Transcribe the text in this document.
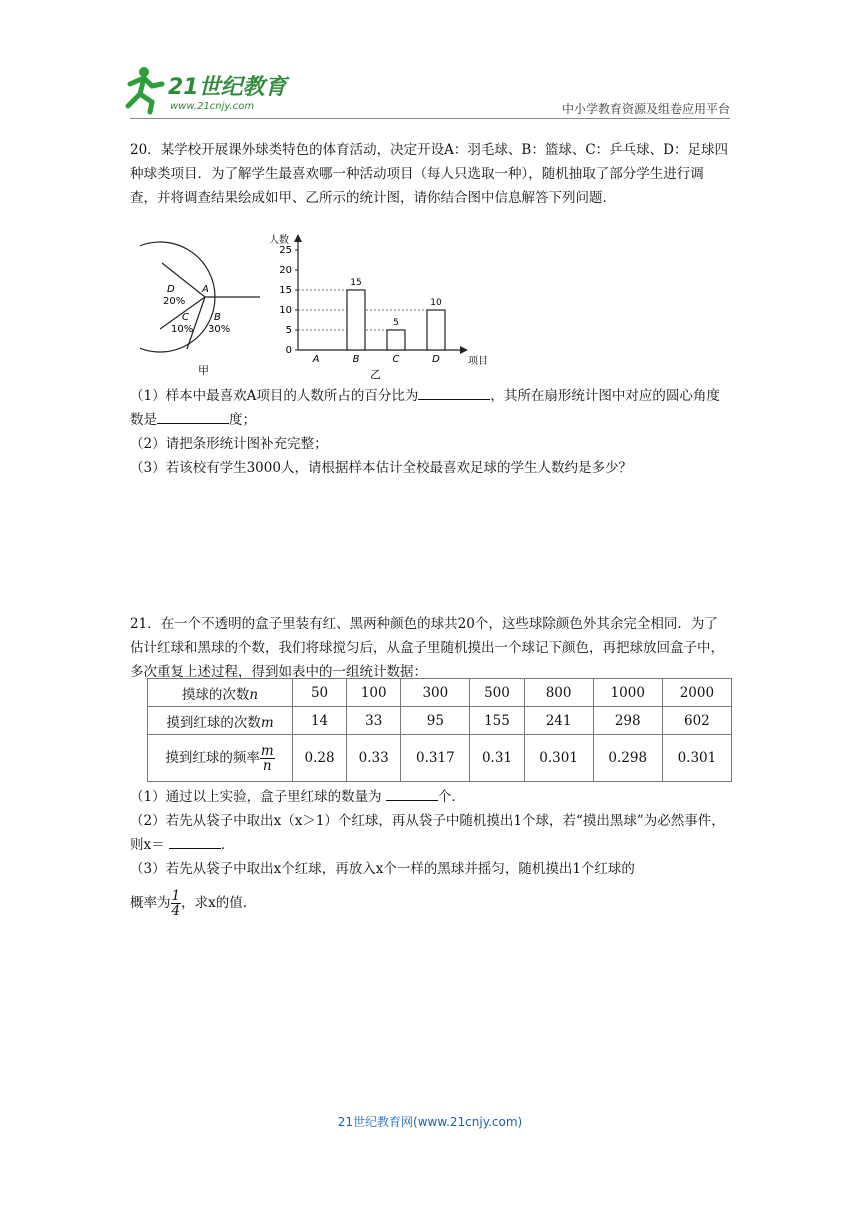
21世纪教育
www.21cnjy.com	中小学教育资源及组卷应用平台
20．某学校开展课外球类特色的体育活动，决定开设A：羽毛球、B：篮球、C：乒乓球、D：足球四种球类项目．为了解学生最喜欢哪一种活动项目（每人只选取一种），随机抽取了部分学生进行调查，并将调查结果绘成如甲、乙所示的统计图，请你结合图中信息解答下列问题．
A
B
30%
C
10%
D
20%
甲
人数
项目
乙
0
5
10
15
20
25
A	B	C	D
15
5
10
（1）样本中最喜欢A项目的人数所占的百分比为	，其所在扇形统计图中对应的圆心角度数是	度；
（2）请把条形统计图补充完整；
（3）若该校有学生3000人，请根据样本估计全校最喜欢足球的学生人数约是多少？
21．在一个不透明的盒子里装有红、黑两种颜色的球共20个，这些球除颜色外其余完全相同．为了估计红球和黑球的个数，我们将球搅匀后，从盒子里随机摸出一个球记下颜色，再把球放回盒子中，多次重复上述过程，得到如表中的一组统计数据：
摸球的次数n	50	100	300	500	800	1000	2000
摸到红球的次数m	14	33	95	155	241	298	602
摸到红球的频率 $\frac{m}{n}$	0.28	0.33	0.317	0.31	0.301	0.298	0.301
（1）通过以上实验，盒子里红球的数量为	个．
（2）若先从袋子中取出x（x＞1）个红球，再从袋子中随机摸出1个球，若“摸出黑球”为必然事件，则x＝	．
（3）若先从袋子中取出x个红球，再放入x个一样的黑球并摇匀，随机摸出1个红球的
概率为 $\frac{1}{4}$ ，求x的值．
21世纪教育网(www.21cnjy.com)
